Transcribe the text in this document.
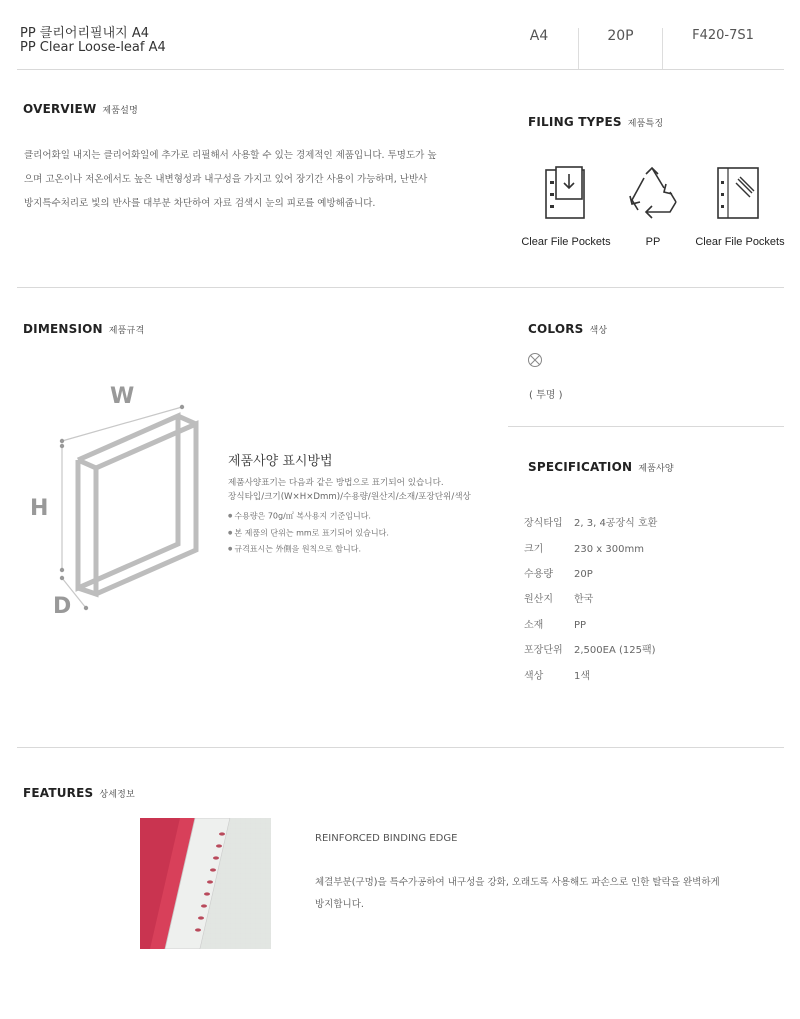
PP 클리어리필내지 A4
PP Clear Loose-leaf A4
A4	20P	F420-7S1
OVERVIEW 제품설명
클리어화일 내지는 클리어화일에 추가로 리필해서 사용할 수 있는 경제적인 제품입니다. 투명도가 높
으며 고온이나 저온에서도 높은 내변형성과 내구성을 가지고 있어 장기간 사용이 가능하며, 난반사
방지특수처리로 빛의 반사를 대부분 차단하여 자료 검색시 눈의 피로를 예방해줍니다.
FILING TYPES 제품특징
Clear File Pockets	PP	Clear File Pockets
DIMENSION 제품규격
W
H
D
제품사양 표시방법
제품사양표기는 다음과 같은 방법으로 표기되어 있습니다.
장식타입/크기(W×H×Dmm)/수용량/원산지/소재/포장단위/색상
● 수용량은 70g/㎡ 복사용지 기준입니다.
● 본 제품의 단위는 mm로 표기되어 있습니다.
● 규격표시는 外側을 원칙으로 합니다.
COLORS 색상
( 투명 )
SPECIFICATION 제품사양
장식타입 2, 3, 4공장식 호환
크기	230 x 300mm
수용량 20P
원산지 한국
소재	PP
포장단위 2,500EA (125팩)
색상	1색
FEATURES 상세정보
REINFORCED BINDING EDGE
체결부분(구멍)을 특수가공하여 내구성을 강화, 오래도록 사용해도 파손으로 인한 탈락을 완벽하게
방지합니다.
